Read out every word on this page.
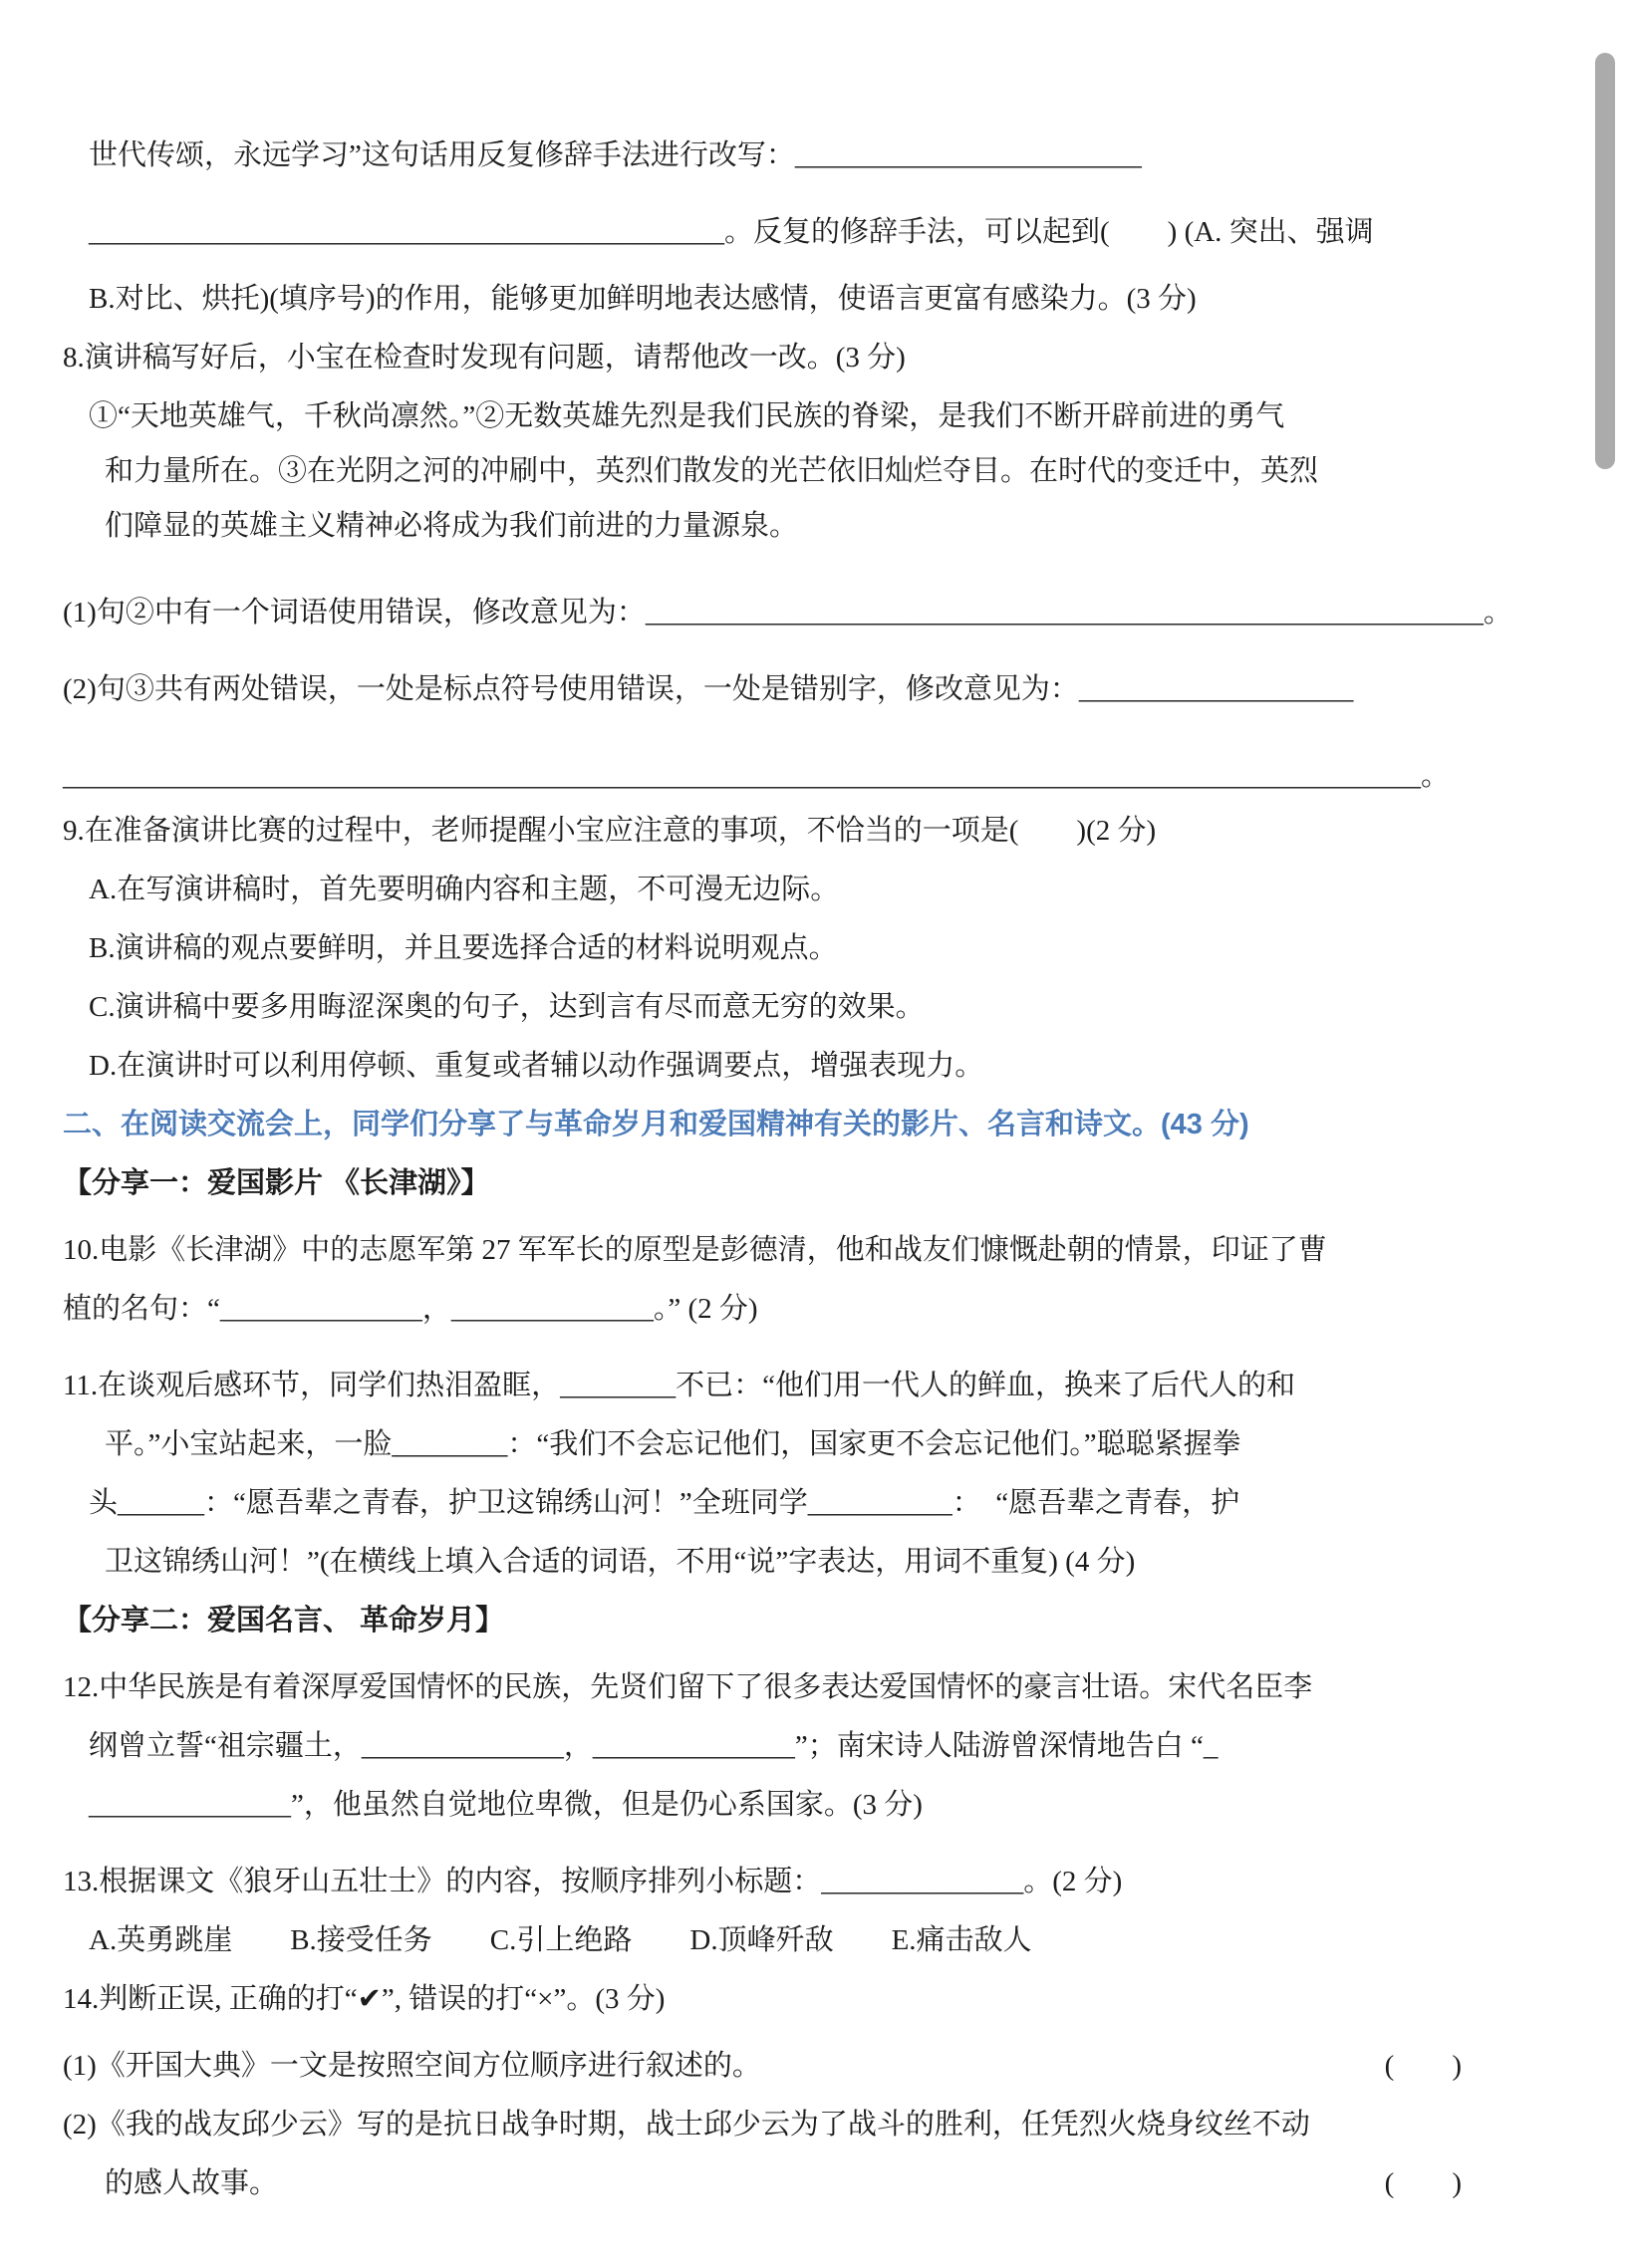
世代传颂，永远学习”这句话用反复修辞手法进行改写：________________________

____________________________________________。反复的修辞手法，可以起到(　　) (A. 突出、强调

B.对比、烘托)(填序号)的作用，能够更加鲜明地表达感情，使语言更富有感染力。(3 分)

8.演讲稿写好后，小宝在检查时发现有问题，请帮他改一改。(3 分)

①“天地英雄气，千秋尚凛然。”②无数英雄先烈是我们民族的脊梁，是我们不断开辟前进的勇气

和力量所在。③在光阴之河的冲刷中，英烈们散发的光芒依旧灿烂夺目。在时代的变迁中，英烈

们障显的英雄主义精神必将成为我们前进的力量源泉。

(1)句②中有一个词语使用错误，修改意见为：__________________________________________________________。

(2)句③共有两处错误，一处是标点符号使用错误，一处是错别字，修改意见为：___________________

______________________________________________________________________________________________。

9.在准备演讲比赛的过程中，老师提醒小宝应注意的事项，不恰当的一项是(　　)(2 分)

A.在写演讲稿时，首先要明确内容和主题，不可漫无边际。

B.演讲稿的观点要鲜明，并且要选择合适的材料说明观点。

C.演讲稿中要多用晦涩深奥的句子，达到言有尽而意无穷的效果。

D.在演讲时可以利用停顿、重复或者辅以动作强调要点，增强表现力。

二、在阅读交流会上，同学们分享了与革命岁月和爱国精神有关的影片、名言和诗文。(43 分)

【分享一：爱国影片 《长津湖》】

10.电影《长津湖》中的志愿军第 27 军军长的原型是彭德清，他和战友们慷慨赴朝的情景，印证了曹

植的名句：“______________，______________。” (2 分)

11.在谈观后感环节，同学们热泪盈眶，________不已：“他们用一代人的鲜血，换来了后代人的和

平。”小宝站起来，一脸________：“我们不会忘记他们，国家更不会忘记他们。”聪聪紧握拳

头______：“愿吾辈之青春，护卫这锦绣山河！”全班同学__________：　“愿吾辈之青春，护

卫这锦绣山河！”(在横线上填入合适的词语，不用“说”字表达，用词不重复) (4 分)

【分享二：爱国名言、 革命岁月】

12.中华民族是有着深厚爱国情怀的民族，先贤们留下了很多表达爱国情怀的豪言壮语。宋代名臣李

纲曾立誓“祖宗疆土，______________，______________”；南宋诗人陆游曾深情地告白 “_

______________”，他虽然自觉地位卑微，但是仍心系国家。(3 分)

13.根据课文《狼牙山五壮士》的内容，按顺序排列小标题：______________。(2 分)

A.英勇跳崖　　B.接受任务　　C.引上绝路　　D.顶峰歼敌　　E.痛击敌人

14.判断正误, 正确的打“✔”, 错误的打“×”。(3 分)

(1)《开国大典》一文是按照空间方位顺序进行叙述的。	(　　)

(2)《我的战友邱少云》写的是抗日战争时期，战士邱少云为了战斗的胜利，任凭烈火烧身纹丝不动

的感人故事。	(　　)
